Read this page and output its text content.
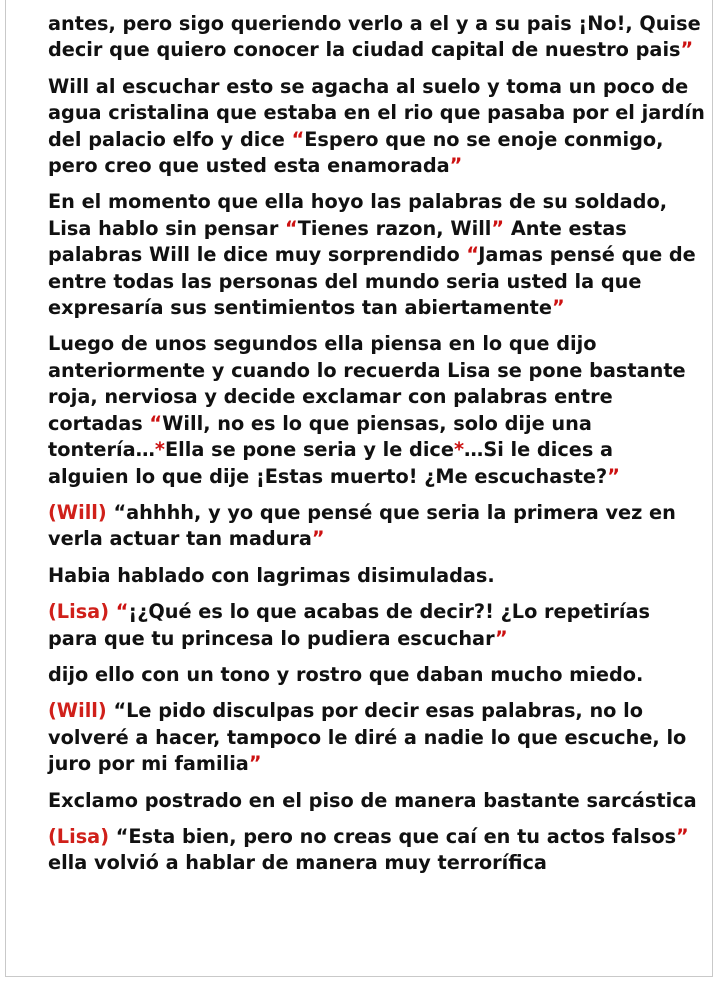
antes, pero sigo queriendo verlo a el y a su pais ¡No!, Quise
decir que quiero conocer la ciudad capital de nuestro pais”
Will al escuchar esto se agacha al suelo y toma un poco de
agua cristalina que estaba en el rio que pasaba por el jardín
del palacio elfo y dice “Espero que no se enoje conmigo,
pero creo que usted esta enamorada”
En el momento que ella hoyo las palabras de su soldado,
Lisa hablo sin pensar “Tienes razon, Will” Ante estas
palabras Will le dice muy sorprendido “Jamas pensé que de
entre todas las personas del mundo seria usted la que
expresaría sus sentimientos tan abiertamente”
Luego de unos segundos ella piensa en lo que dijo
anteriormente y cuando lo recuerda Lisa se pone bastante
roja, nerviosa y decide exclamar con palabras entre
cortadas “Will, no es lo que piensas, solo dije una
tontería…*Ella se pone seria y le dice*…Si le dices a
alguien lo que dije ¡Estas muerto! ¿Me escuchaste?”
(Will) “ahhhh, y yo que pensé que seria la primera vez en
verla actuar tan madura”
Habia hablado con lagrimas disimuladas.
(Lisa) “¡¿Qué es lo que acabas de decir?! ¿Lo repetirías
para que tu princesa lo pudiera escuchar”
dijo ello con un tono y rostro que daban mucho miedo.
(Will) “Le pido disculpas por decir esas palabras, no lo
volveré a hacer, tampoco le diré a nadie lo que escuche, lo
juro por mi familia”
Exclamo postrado en el piso de manera bastante sarcástica
(Lisa) “Esta bien, pero no creas que caí en tu actos falsos”
ella volvió a hablar de manera muy terrorífica
